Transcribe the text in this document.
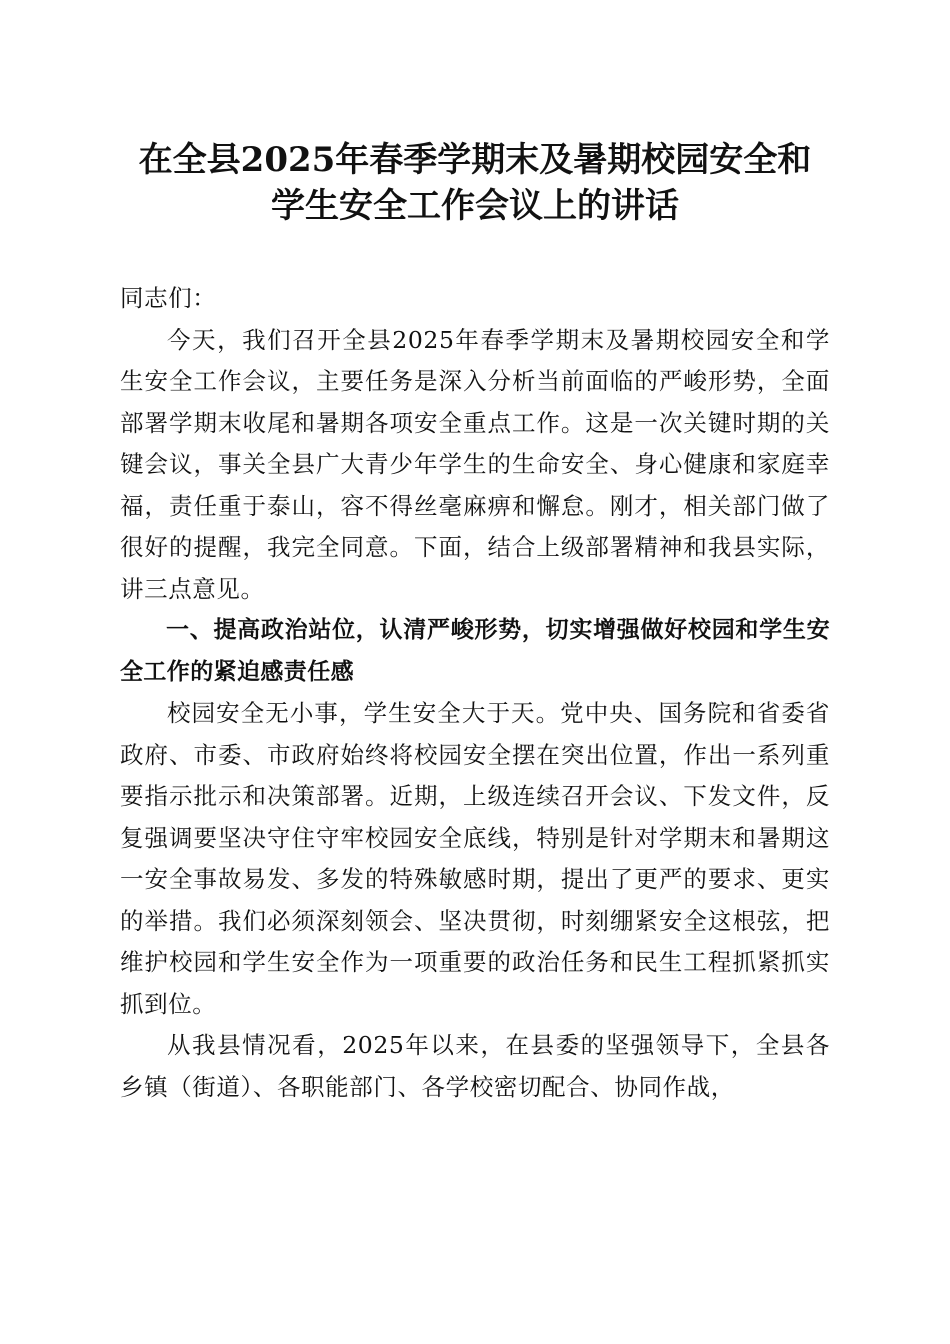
在全县2025年春季学期末及暑期校园安全和
学生安全工作会议上的讲话

同志们：

今天，我们召开全县2025年春季学期末及暑期校园安全和学生安全工作会议，主要任务是深入分析当前面临的严峻形势，全面部署学期末收尾和暑期各项安全重点工作。这是一次关键时期的关键会议，事关全县广大青少年学生的生命安全、身心健康和家庭幸福，责任重于泰山，容不得丝毫麻痹和懈怠。刚才，相关部门做了很好的提醒，我完全同意。下面，结合上级部署精神和我县实际，讲三点意见。

一、提高政治站位，认清严峻形势，切实增强做好校园和学生安全工作的紧迫感责任感

校园安全无小事，学生安全大于天。党中央、国务院和省委省政府、市委、市政府始终将校园安全摆在突出位置，作出一系列重要指示批示和决策部署。近期，上级连续召开会议、下发文件，反复强调要坚决守住守牢校园安全底线，特别是针对学期末和暑期这一安全事故易发、多发的特殊敏感时期，提出了更严的要求、更实的举措。我们必须深刻领会、坚决贯彻，时刻绷紧安全这根弦，把维护校园和学生安全作为一项重要的政治任务和民生工程抓紧抓实抓到位。

从我县情况看，2025年以来，在县委的坚强领导下，全县各乡镇（街道）、各职能部门、各学校密切配合、协同作战，
